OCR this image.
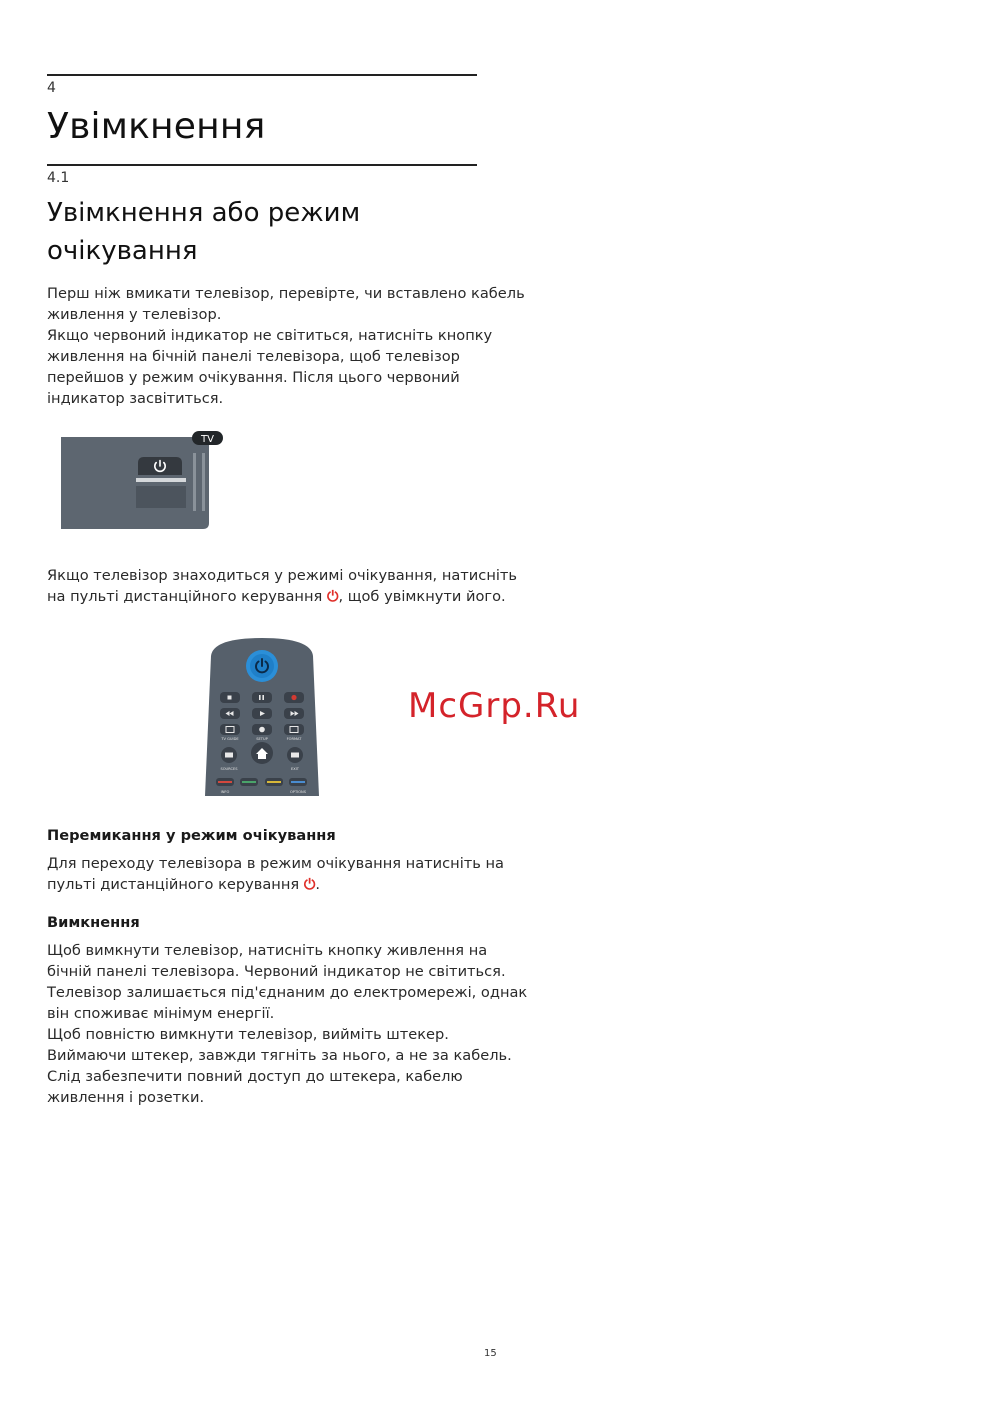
4
Увімкнення
4.1
Увімкнення або режим очікування

Перш ніж вмикати телевізор, перевірте, чи вставлено кабель
живлення у телевізор.
Якщо червоний індикатор не світиться, натисніть кнопку
живлення на бічній панелі телевізора, щоб телевізор
перейшов у режим очікування. Після цього червоний
індикатор засвітиться.

TV

Якщо телевізор знаходиться у режимі очікування, натисніть
на пульті дистанційного керування ⏻, щоб увімкнути його.

TV GUIDE	SETUP	FORMAT
SOURCES	EXIT
INFO	OPTIONS
McGrp.Ru
Перемикання у режим очікування

Для переходу телевізора в режим очікування натисніть на
пульті дистанційного керування ⏻.

Вимкнення

Щоб вимкнути телевізор, натисніть кнопку живлення на
бічній панелі телевізора. Червоний індикатор не світиться.
Телевізор залишається під'єднаним до електромережі, однак
він споживає мінімум енергії.
Щоб повністю вимкнути телевізор, вийміть штекер.
Виймаючи штекер, завжди тягніть за нього, а не за кабель.
Слід забезпечити повний доступ до штекера, кабелю
живлення і розетки.

15
